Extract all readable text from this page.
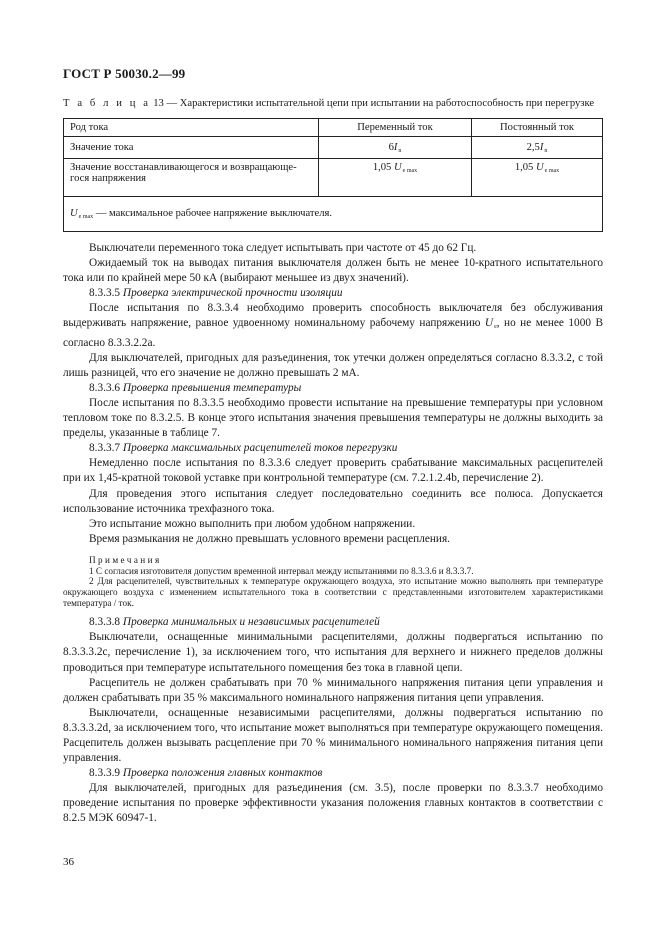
ГОСТ Р 50030.2—99
Т а б л и ц а 13 — Характеристики испытательной цепи при испытании на работоспособность при перегрузке
Род тока	Переменный ток	Постоянный ток
Значение тока	$6I_n$	$2,5I_n$
Значение восстанавливающегося и возвращающе-гося напряжения	1,05 $U_{e max}$	1,05 $U_{e max}$
$U_{e max}$ — максимальное рабочее напряжение выключателя.		

Выключатели переменного тока следует испытывать при частоте от 45 до 62 Гц.

Ожидаемый ток на выводах питания выключателя должен быть не менее 10-кратного испытательного тока или по крайней мере 50 кА (выбирают меньшее из двух значений).

8.3.3.5 Проверка электрической прочности изоляции

После испытания по 8.3.3.4 необходимо проверить способность выключателя без обслуживания выдерживать напряжение, равное удвоенному номинальному рабочему напряжению $U_e$, но не менее 1000 В согласно 8.3.3.2.2а.

Для выключателей, пригодных для разъединения, ток утечки должен определяться согласно 8.3.3.2, с той лишь разницей, что его значение не должно превышать 2 мА.

8.3.3.6 Проверка превышения температуры

После испытания по 8.3.3.5 необходимо провести испытание на превышение температуры при условном тепловом токе по 8.3.2.5. В конце этого испытания значения превышения температуры не должны выходить за пределы, указанные в таблице 7.

8.3.3.7 Проверка максимальных расцепителей токов перегрузки

Немедленно после испытания по 8.3.3.6 следует проверить срабатывание максимальных расцепителей при их 1,45-кратной токовой уставке при контрольной температуре (см. 7.2.1.2.4b, перечисление 2).

Для проведения этого испытания следует последовательно соединить все полюса. Допускается использование источника трехфазного тока.

Это испытание можно выполнить при любом удобном напряжении.

Время размыкания не должно превышать условного времени расцепления.

Примечания

1 С согласия изготовителя допустим временной интервал между испытаниями по 8.3.3.6 и 8.3.3.7.

2 Для расцепителей, чувствительных к температуре окружающего воздуха, это испытание можно выполнять при температуре окружающего воздуха с изменением испытательного тока в соответствии с представленными изготовителем характеристиками температура / ток.

8.3.3.8 Проверка минимальных и независимых расцепителей

Выключатели, оснащенные минимальными расцепителями, должны подвергаться испытанию по 8.3.3.3.2с, перечисление 1), за исключением того, что испытания для верхнего и нижнего пределов должны проводиться при температуре испытательного помещения без тока в главной цепи.

Расцепитель не должен срабатывать при 70 % минимального напряжения питания цепи управления и должен срабатывать при 35 % максимального номинального напряжения питания цепи управления.

Выключатели, оснащенные независимыми расцепителями, должны подвергаться испытанию по 8.3.3.3.2d, за исключением того, что испытание может выполняться при температуре окружающего помещения. Расцепитель должен вызывать расцепление при 70 % минимального номинального напряжения питания цепи управления.

8.3.3.9 Проверка положения главных контактов

Для выключателей, пригодных для разъединения (см. 3.5), после проверки по 8.3.3.7 необходимо проведение испытания по проверке эффективности указания положения главных контактов в соответствии с 8.2.5 МЭК 60947-1.

36
